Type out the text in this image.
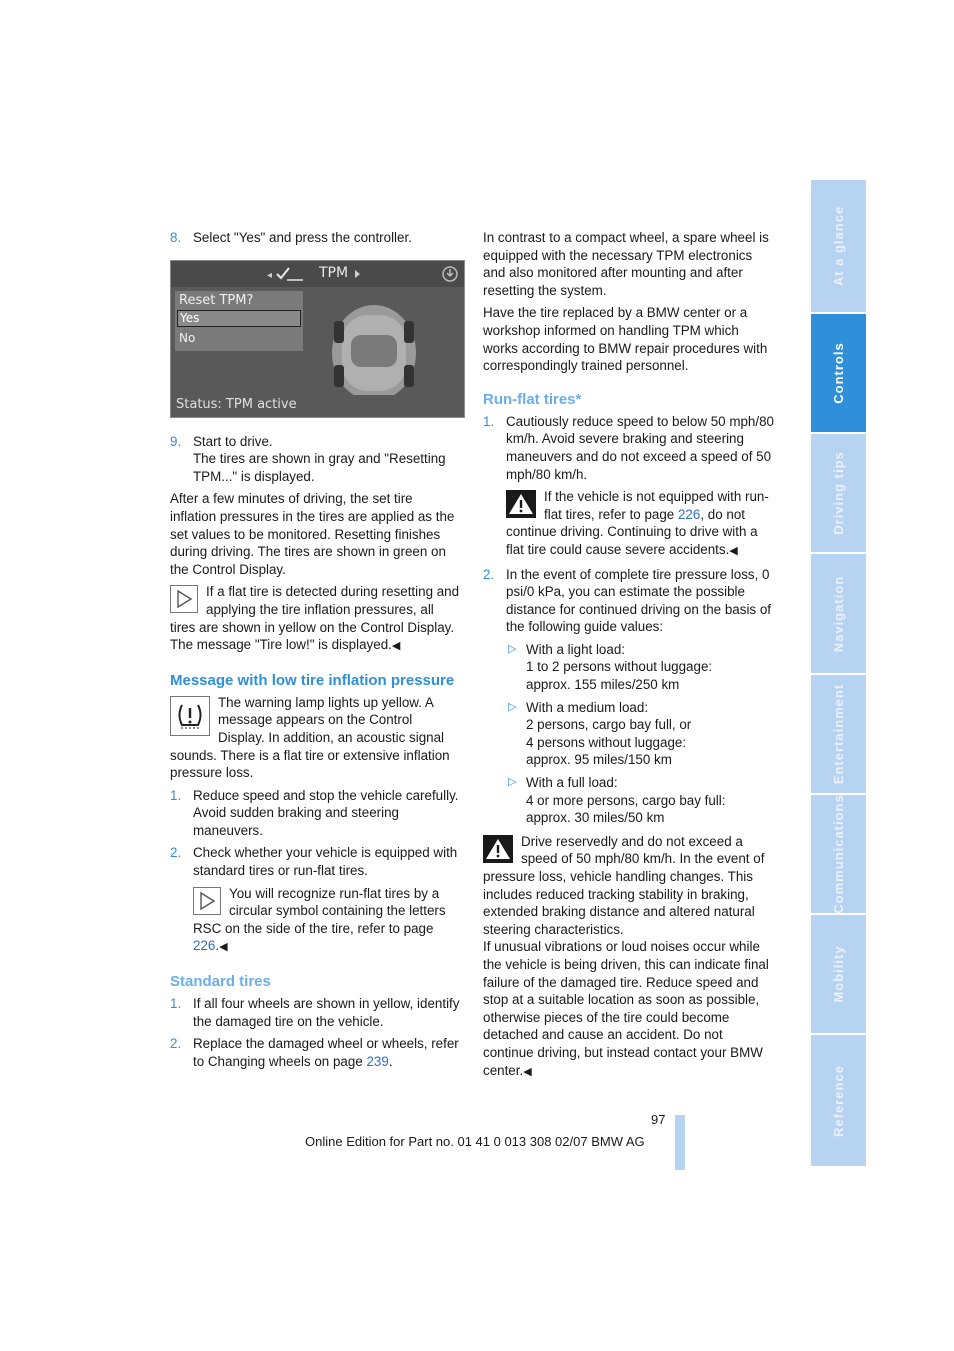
8. Select "Yes" and press the controller.
◂	TPM
Reset TPM?
Yes
No
Status: TPM active
9. Start to drive.
The tires are shown in gray and "Resetting TPM..." is displayed.

After a few minutes of driving, the set tire inflation pressures in the tires are applied as the set values to be monitored. Resetting finishes during driving. The tires are shown in green on the Control Display.

If a flat tire is detected during resetting and applying the tire inflation pressures, all tires are shown in yellow on the Control Display. The message "Tire low!" is displayed.◀
Message with low tire inflation pressure
The warning lamp lights up yellow. A message appears on the Control Display. In addition, an acoustic signal sounds. There is a flat tire or extensive inflation pressure loss.
1. Reduce speed and stop the vehicle carefully. Avoid sudden braking and steering maneuvers.
2. Check whether your vehicle is equipped with standard tires or run-flat tires.
You will recognize run-flat tires by a circular symbol containing the letters RSC on the side of the tire, refer to page 226.◀
Standard tires
1. If all four wheels are shown in yellow, identify the damaged tire on the vehicle.
2. Replace the damaged wheel or wheels, refer to Changing wheels on page 239.

In contrast to a compact wheel, a spare wheel is equipped with the necessary TPM electronics and also monitored after mounting and after resetting the system.

Have the tire replaced by a BMW center or a workshop informed on handling TPM which works according to BMW repair procedures with correspondingly trained personnel.

Run-flat tires*
1. Cautiously reduce speed to below 50 mph/80 km/h. Avoid severe braking and steering maneuvers and do not exceed a speed of 50 mph/80 km/h.
If the vehicle is not equipped with run-flat tires, refer to page 226, do not continue driving. Continuing to drive with a flat tire could cause severe accidents.◀
2. In the event of complete tire pressure loss, 0 psi/0 kPa, you can estimate the possible distance for continued driving on the basis of the following guide values:
▷ With a light load:
1 to 2 persons without luggage:
approx. 155 miles/250 km
▷ With a medium load:
2 persons, cargo bay full, or
4 persons without luggage:
approx. 95 miles/150 km
▷ With a full load:
4 or more persons, cargo bay full:
approx. 30 miles/50 km
Drive reservedly and do not exceed a speed of 50 mph/80 km/h. In the event of pressure loss, vehicle handling changes. This includes reduced tracking stability in braking, extended braking distance and altered natural steering characteristics.
If unusual vibrations or loud noises occur while the vehicle is being driven, this can indicate final failure of the damaged tire. Reduce speed and stop at a suitable location as soon as possible, otherwise pieces of the tire could become detached and cause an accident. Do not continue driving, but instead contact your BMW center.◀
At a glance
Controls
Driving tips
Navigation
Entertainment
Communications
Mobility
Reference
97
Online Edition for Part no. 01 41 0 013 308 02/07 BMW AG
